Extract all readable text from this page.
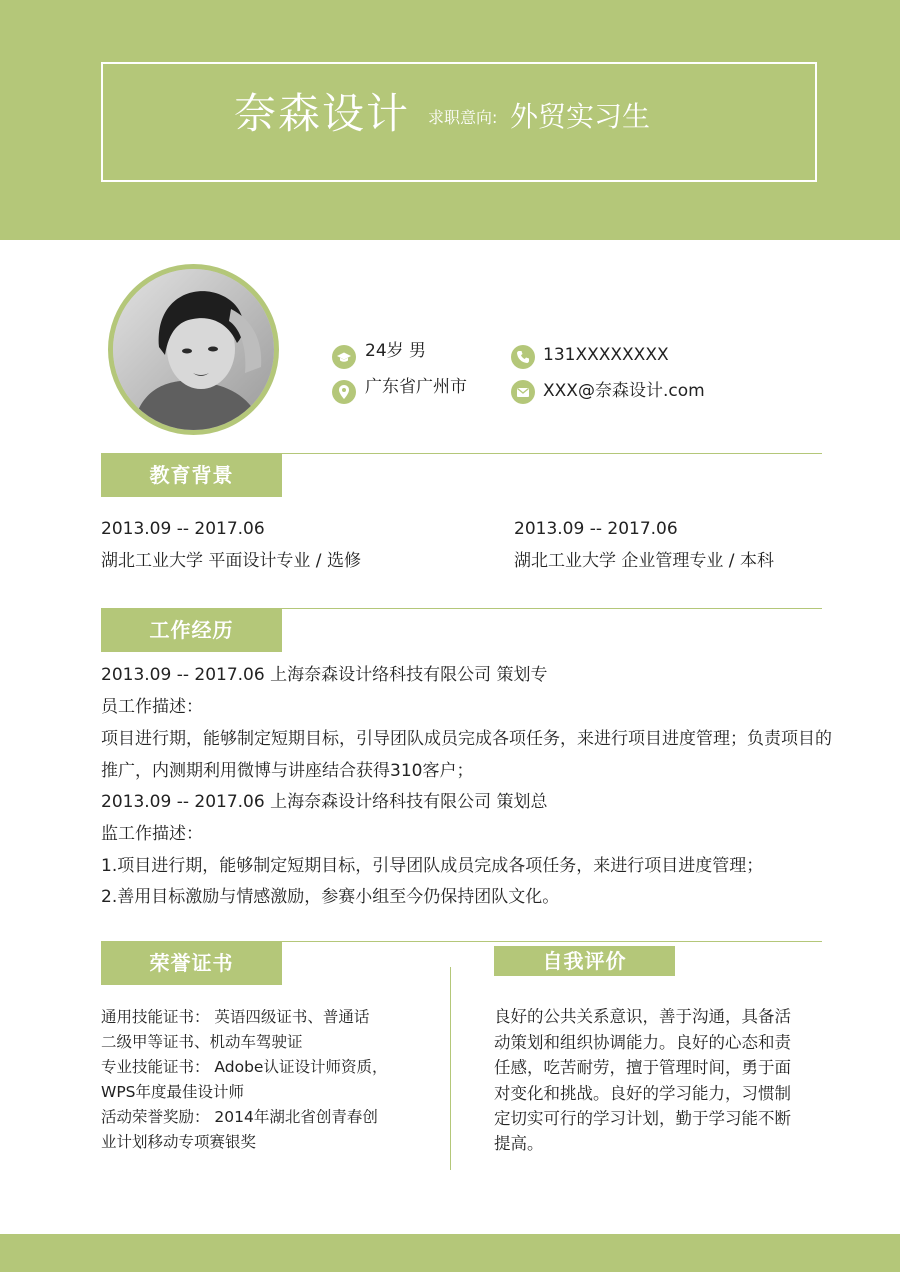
奈森设计 求职意向: 外贸实习生
24岁 男
广东省广州市
131XXXXXXXX
XXX@奈森设计.com
教育背景
2013.09 -- 2017.06
湖北工业大学 平面设计专业 / 选修
2013.09 -- 2017.06
湖北工业大学 企业管理专业 / 本科
工作经历
2013.09 -- 2017.06 上海奈森设计络科技有限公司 策划专
员工作描述：
项目进行期，能够制定短期目标，引导团队成员完成各项任务，来进行项目进度管理；负责项目的
推广，内测期利用微博与讲座结合获得310客户；
2013.09 -- 2017.06 上海奈森设计络科技有限公司 策划总
监工作描述：
1.项目进行期，能够制定短期目标，引导团队成员完成各项任务，来进行项目进度管理；
2.善用目标激励与情感激励，参赛小组至今仍保持团队文化。
荣誉证书	自我评价
通用技能证书： 英语四级证书、普通话
二级甲等证书、机动车驾驶证
专业技能证书： Adobe认证设计师资质，
WPS年度最佳设计师
活动荣誉奖励： 2014年湖北省创青春创
业计划移动专项赛银奖
良好的公共关系意识，善于沟通，具备活
动策划和组织协调能力。良好的心态和责
任感，吃苦耐劳，擅于管理时间，勇于面
对变化和挑战。良好的学习能力，习惯制
定切实可行的学习计划，勤于学习能不断
提高。
